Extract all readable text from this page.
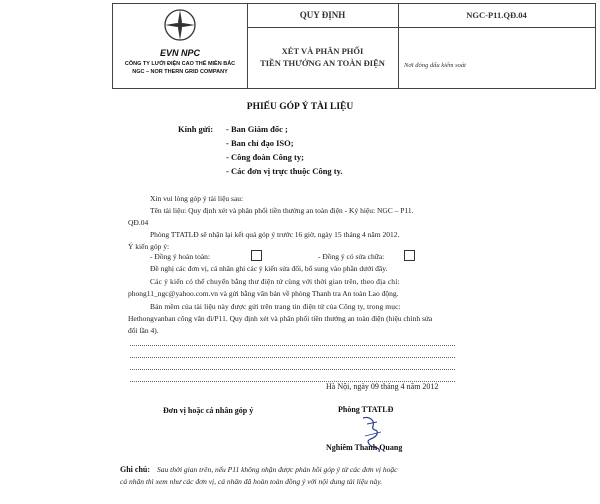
EVN NPC
CÔNG TY LƯỚI ĐIỆN CAO THẾ MIỀN BẮC
NGC – NOR THERN GRID COMPANY
QUY ĐỊNH	NGC-P11.QĐ.04
XÉT VÀ PHÂN PHỐI
TIỀN THƯỞNG AN TOÀN ĐIỆN	Nơi đóng dấu kiểm soát
PHIẾU GÓP Ý TÀI LIỆU
Kính gửi: - Ban Giám đốc ;
- Ban chỉ đạo ISO;
- Công đoàn Công ty;
- Các đơn vị trực thuộc Công ty.
Xin vui lòng góp ý tài liệu sau:
Tên tài liệu: Quy định xét và phân phối tiền thưởng an toàn điện - Ký hiệu: NGC – P11.
QĐ.04
Phòng TTATLĐ sẽ nhận lại kết quả góp ý trước 16 giờ, ngày 15 tháng 4 năm 2012.
Ý kiến góp ý:
- Đồng ý hoàn toàn:	- Đồng ý có sửa chữa:
Đề nghị các đơn vị, cá nhân ghi các ý kiến sửa đổi, bổ sung vào phần dưới đây.
Các ý kiến có thể chuyển bằng thư điện tử cùng với thời gian trên, theo địa chỉ:
phong11_ngc@yahoo.com.vn và gửi bằng văn bản về phòng Thanh tra An toàn Lao động.
Bản mềm của tài liệu này được gửi trên trang tin điện tử của Công ty, trong mục:
Hethongvanban công văn đi/P11. Quy định xét và phân phối tiền thưởng an toàn điện (hiệu chỉnh sửa
đổi lần 4).
Hà Nội, ngày 09 tháng 4 năm 2012
Đơn vị hoặc cá nhân góp ý	Phòng TTATLĐ
Nghiêm Thanh Quang
Ghi chú: Sau thời gian trên, nếu P11 không nhận được phản hồi góp ý từ các đơn vị hoặc
cá nhân thì xem như các đơn vị, cá nhân đã hoàn toàn đồng ý với nội dung tài liệu này.
